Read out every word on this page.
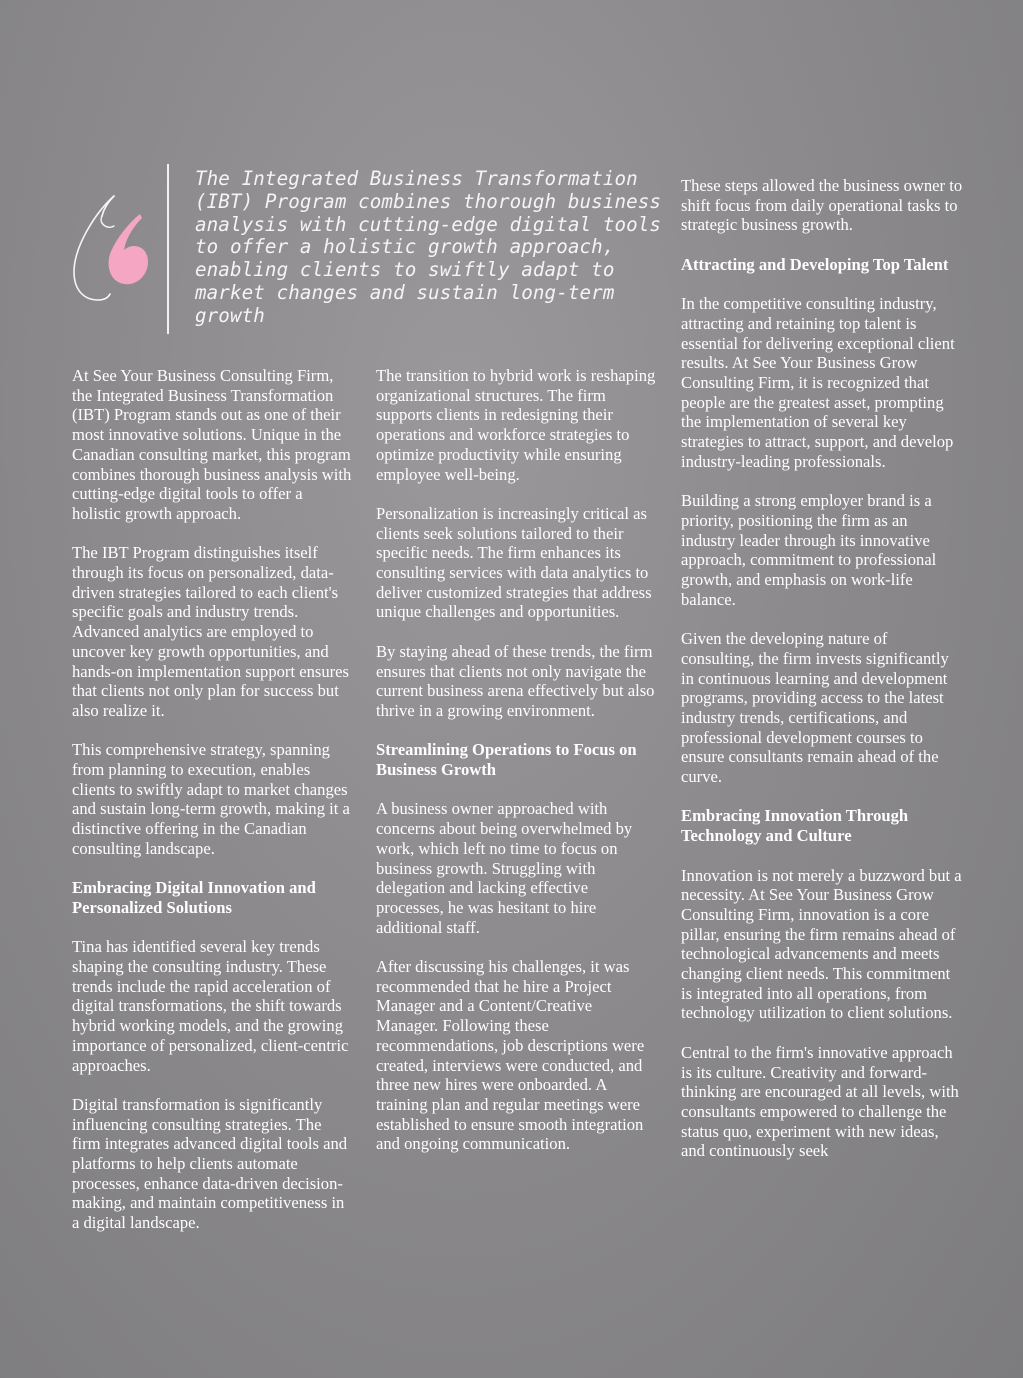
The Integrated Business Transformation (IBT) Program combines thorough business analysis with cutting-edge digital tools to offer a holistic growth approach, enabling clients to swiftly adapt to market changes and sustain long-term growth

At See Your Business Consulting Firm, the Integrated Business Transformation (IBT) Program stands out as one of their most innovative solutions. Unique in the Canadian consulting market, this program combines thorough business analysis with cutting-edge digital tools to offer a holistic growth approach.

The IBT Program distinguishes itself through its focus on personalized, data-driven strategies tailored to each client's specific goals and industry trends. Advanced analytics are employed to uncover key growth opportunities, and hands-on implementation support ensures that clients not only plan for success but also realize it.

This comprehensive strategy, spanning from planning to execution, enables clients to swiftly adapt to market changes and sustain long-term growth, making it a distinctive offering in the Canadian consulting landscape.

Embracing Digital Innovation and Personalized Solutions

Tina has identified several key trends shaping the consulting industry. These trends include the rapid acceleration of digital transformations, the shift towards hybrid working models, and the growing importance of personalized, client-centric approaches.

Digital transformation is significantly influencing consulting strategies. The firm integrates advanced digital tools and platforms to help clients automate processes, enhance data-driven decision-making, and maintain competitiveness in a digital landscape.

The transition to hybrid work is reshaping organizational structures. The firm supports clients in redesigning their operations and workforce strategies to optimize productivity while ensuring employee well-being.

Personalization is increasingly critical as clients seek solutions tailored to their specific needs. The firm enhances its consulting services with data analytics to deliver customized strategies that address unique challenges and opportunities.

By staying ahead of these trends, the firm ensures that clients not only navigate the current business arena effectively but also thrive in a growing environment.

Streamlining Operations to Focus on Business Growth

A business owner approached with concerns about being overwhelmed by work, which left no time to focus on business growth. Struggling with delegation and lacking effective processes, he was hesitant to hire additional staff.

After discussing his challenges, it was recommended that he hire a Project Manager and a Content/Creative Manager. Following these recommendations, job descriptions were created, interviews were conducted, and three new hires were onboarded. A training plan and regular meetings were established to ensure smooth integration and ongoing communication.

These steps allowed the business owner to shift focus from daily operational tasks to strategic business growth.

Attracting and Developing Top Talent

In the competitive consulting industry, attracting and retaining top talent is essential for delivering exceptional client results. At See Your Business Grow Consulting Firm, it is recognized that people are the greatest asset, prompting the implementation of several key strategies to attract, support, and develop industry-leading professionals.

Building a strong employer brand is a priority, positioning the firm as an industry leader through its innovative approach, commitment to professional growth, and emphasis on work-life balance.

Given the developing nature of consulting, the firm invests significantly in continuous learning and development programs, providing access to the latest industry trends, certifications, and professional development courses to ensure consultants remain ahead of the curve.

Embracing Innovation Through Technology and Culture

Innovation is not merely a buzzword but a necessity. At See Your Business Grow Consulting Firm, innovation is a core pillar, ensuring the firm remains ahead of technological advancements and meets changing client needs. This commitment is integrated into all operations, from technology utilization to client solutions.

Central to the firm's innovative approach is its culture. Creativity and forward-thinking are encouraged at all levels, with consultants empowered to challenge the status quo, experiment with new ideas, and continuously seek
